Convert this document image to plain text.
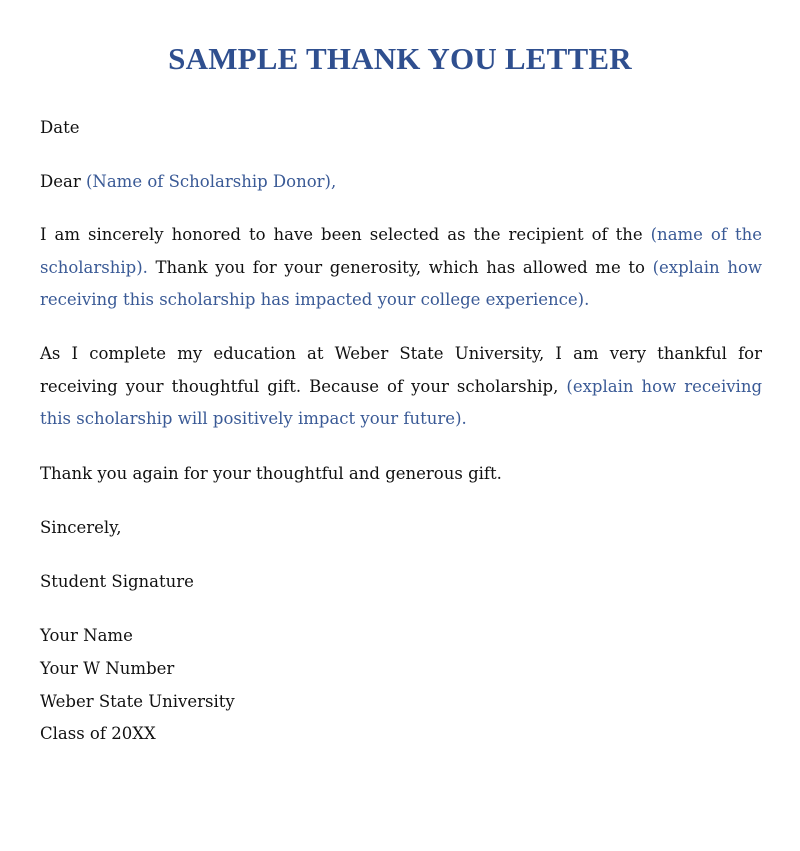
SAMPLE THANK YOU LETTER
Date
Dear (Name of Scholarship Donor),
I am sincerely honored to have been selected as the recipient of the (name of the scholarship). Thank you for your generosity, which has allowed me to (explain how receiving this scholarship has impacted your college experience).
As I complete my education at Weber State University, I am very thankful for receiving your thoughtful gift. Because of your scholarship, (explain how receiving this scholarship will positively impact your future).
Thank you again for your thoughtful and generous gift.
Sincerely,
Student Signature
Your Name
Your W Number
Weber State University
Class of 20XX
